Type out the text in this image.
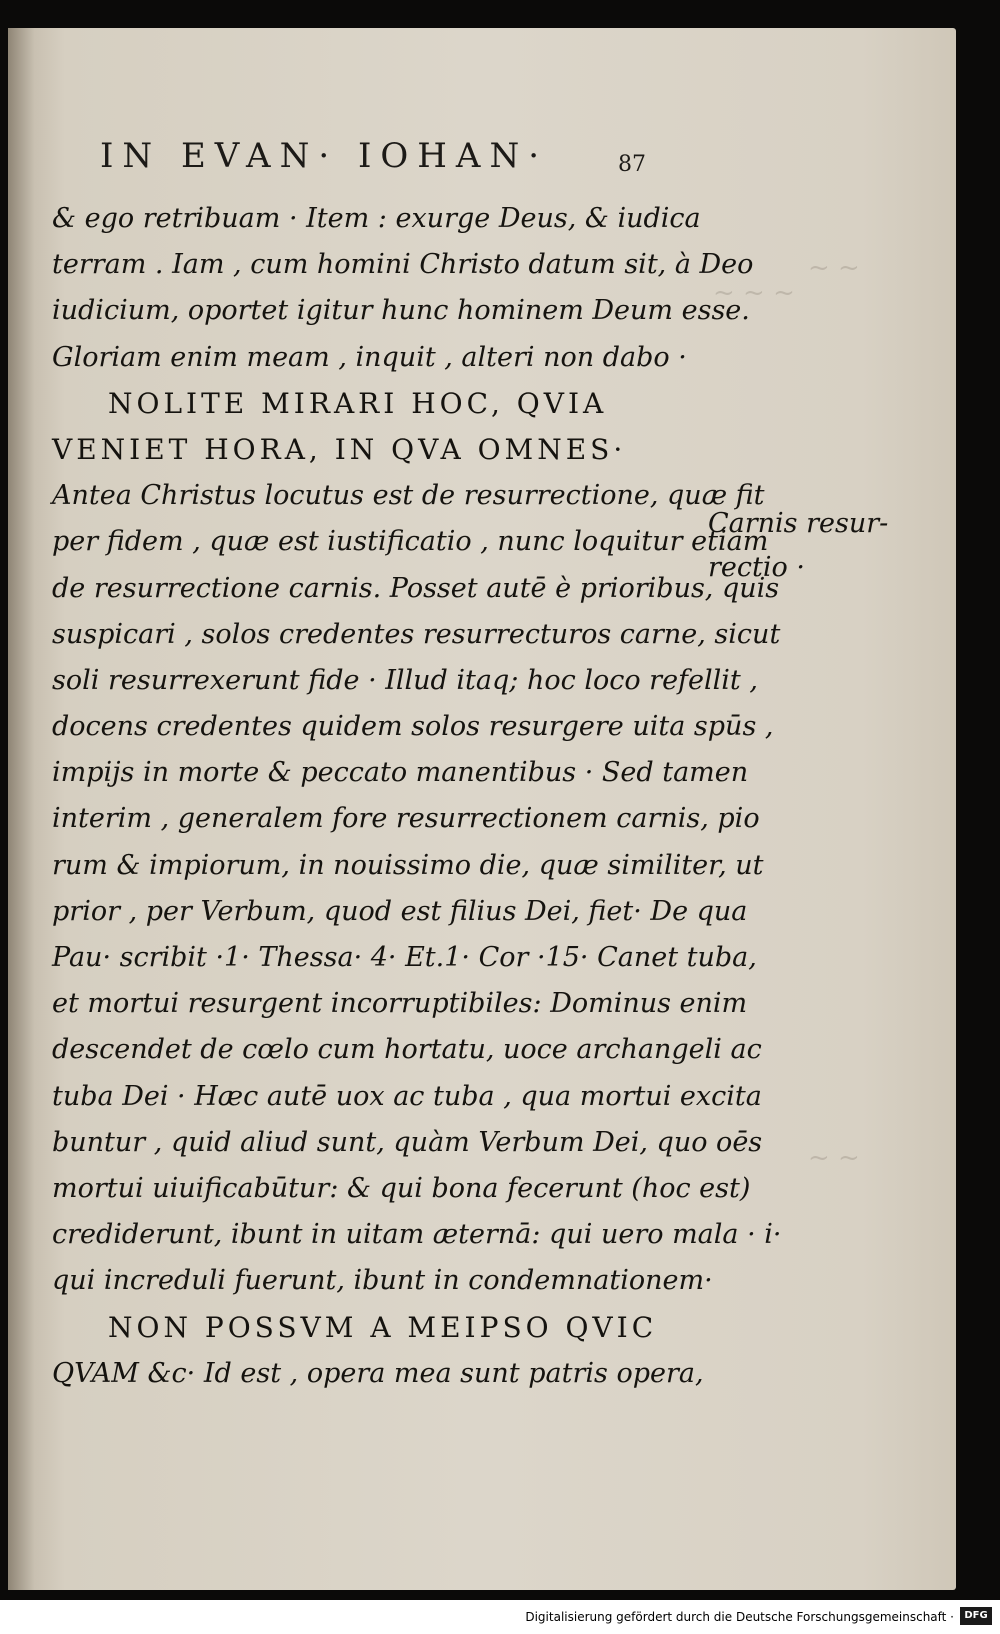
IN EVAN· IOHAN·	87
~ ~
~ ~ ~
~ ~
& ego retribuam · Item : exurge Deus, & iudica
terram . Iam , cum homini Christo datum sit, à Deo
iudicium, oportet igitur hunc hominem Deum esse.
Gloriam enim meam , inquit , alteri non dabo ·
NOLITE MIRARI HOC, QVIA
VENIET HORA, IN QVA OMNES·
Antea Christus locutus est de resurrectione, quæ fit
per fidem , quæ est iustificatio , nunc loquitur etiam
de resurrectione carnis. Posset autē è prioribus, quis
suspicari , solos credentes resurrecturos carne, sicut
soli resurrexerunt fide · Illud itaq; hoc loco refellit ,
docens credentes quidem solos resurgere uita spūs ,
impijs in morte & peccato manentibus · Sed tamen
interim , generalem fore resurrectionem carnis, pio
rum & impiorum, in nouissimo die, quæ similiter, ut
prior , per Verbum, quod est filius Dei, fiet· De qua
Pau· scribit ·1· Thessa· 4· Et.1· Cor ·15· Canet tuba,
et mortui resurgent incorruptibiles: Dominus enim
descendet de cœlo cum hortatu, uoce archangeli ac
tuba Dei · Hæc autē uox ac tuba , qua mortui excita
buntur , quid aliud sunt, quàm Verbum Dei, quo oēs
mortui uiuificabūtur: & qui bona fecerunt (hoc est)
crediderunt, ibunt in uitam æternā: qui uero mala · i·
qui increduli fuerunt, ibunt in condemnationem·
NON POSSVM A MEIPSO QVIC
QVAM &c· Id est , opera mea sunt patris opera,
Carnis resur-
rectio ·
Digitalisierung gefördert durch die Deutsche Forschungsgemeinschaft ·	DFG
